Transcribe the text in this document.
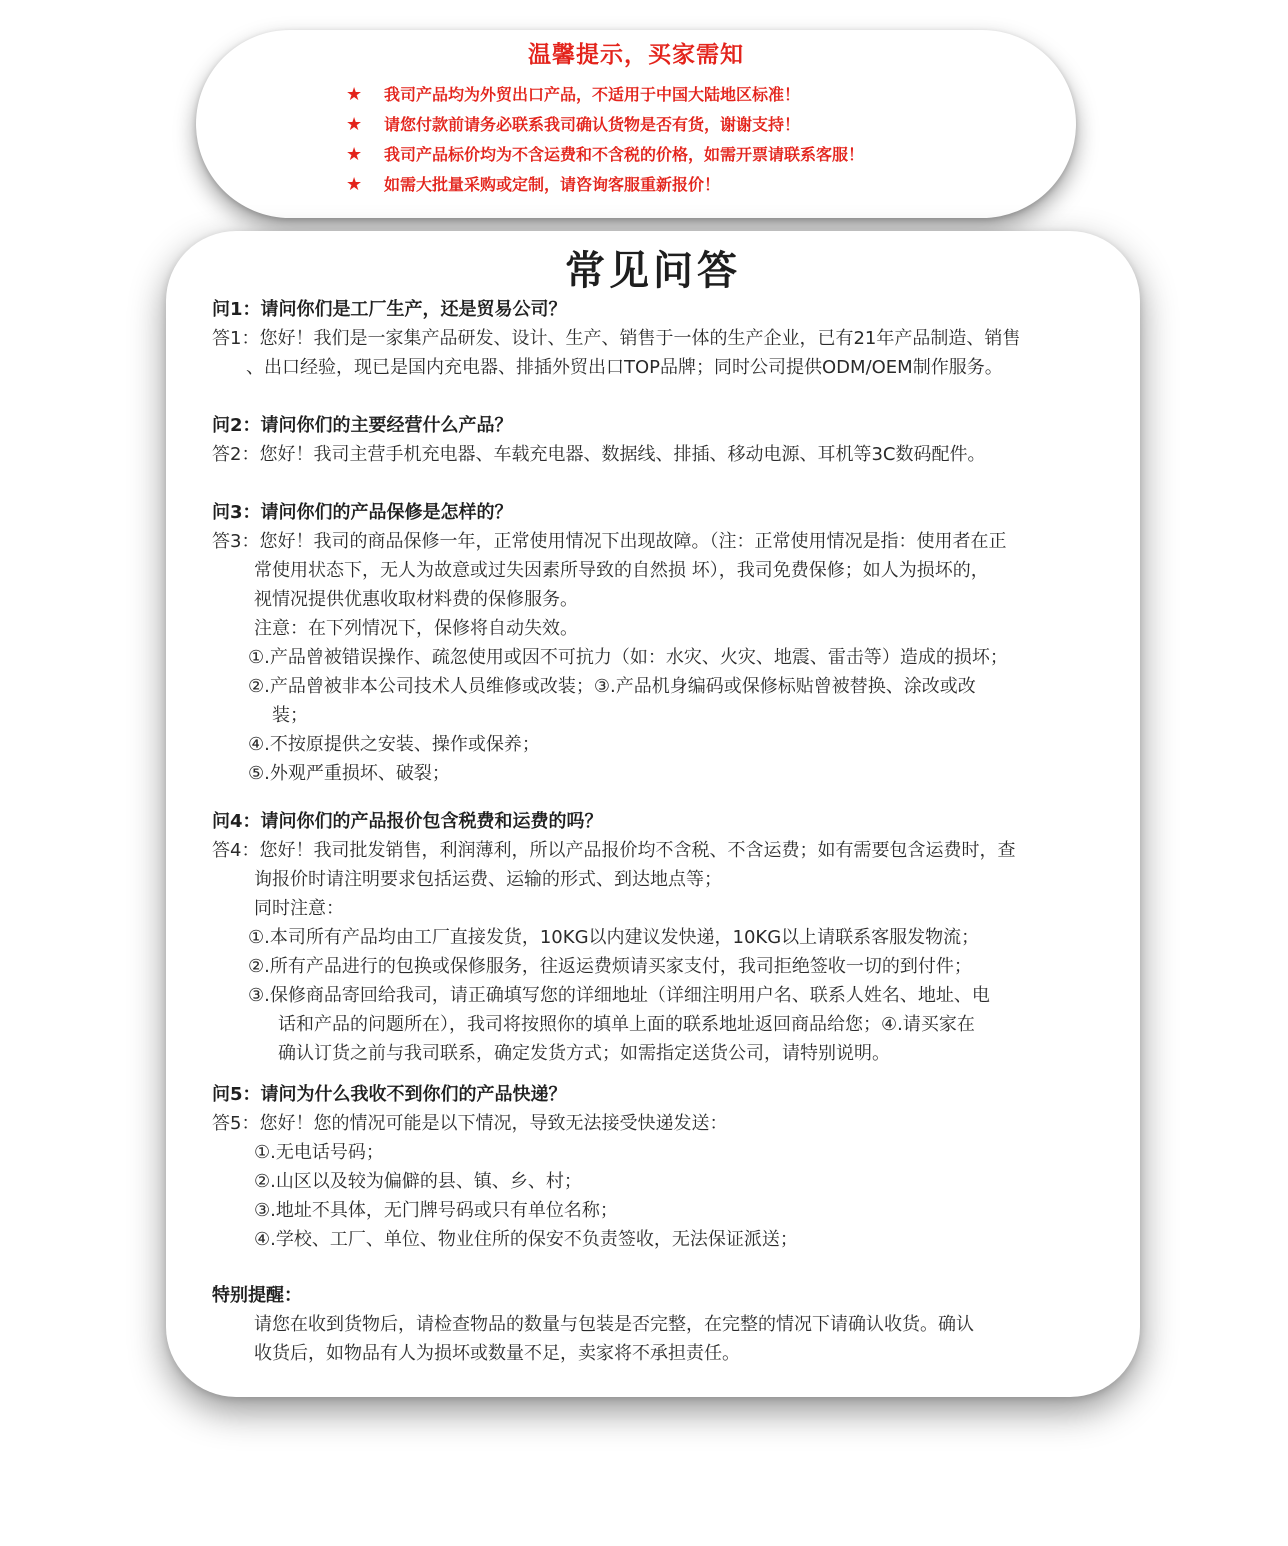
温馨提示，买家需知
★ 我司产品均为外贸出口产品，不适用于中国大陆地区标准！
★ 请您付款前请务必联系我司确认货物是否有货，谢谢支持！
★ 我司产品标价均为不含运费和不含税的价格，如需开票请联系客服！
★ 如需大批量采购或定制，请咨询客服重新报价！
常见问答
问1：请问你们是工厂生产，还是贸易公司？
答1：您好！我们是一家集产品研发、设计、生产、销售于一体的生产企业，已有21年产品制造、销售
、出口经验，现已是国内充电器、排插外贸出口TOP品牌；同时公司提供ODM/OEM制作服务。
问2：请问你们的主要经营什么产品？
答2：您好！我司主营手机充电器、车载充电器、数据线、排插、移动电源、耳机等3C数码配件。
问3：请问你们的产品保修是怎样的？
答3：您好！我司的商品保修一年，正常使用情况下出现故障。（注：正常使用情况是指：使用者在正
常使用状态下，无人为故意或过失因素所导致的自然损 坏），我司免费保修；如人为损坏的，
视情况提供优惠收取材料费的保修服务。
注意：在下列情况下，保修将自动失效。
①.产品曾被错误操作、疏忽使用或因不可抗力（如：水灾、火灾、地震、雷击等）造成的损坏；
②.产品曾被非本公司技术人员维修或改装；③.产品机身编码或保修标贴曾被替换、涂改或改
装；
④.不按原提供之安装、操作或保养；
⑤.外观严重损坏、破裂；
问4：请问你们的产品报价包含税费和运费的吗？
答4：您好！我司批发销售，利润薄利，所以产品报价均不含税、不含运费；如有需要包含运费时，查
询报价时请注明要求包括运费、运输的形式、到达地点等；
同时注意：
①.本司所有产品均由工厂直接发货，10KG以内建议发快递，10KG以上请联系客服发物流；
②.所有产品进行的包换或保修服务，往返运费烦请买家支付，我司拒绝签收一切的到付件；
③.保修商品寄回给我司，请正确填写您的详细地址（详细注明用户名、联系人姓名、地址、电
话和产品的问题所在），我司将按照你的填单上面的联系地址返回商品给您；④.请买家在
确认订货之前与我司联系，确定发货方式；如需指定送货公司，请特别说明。
问5：请问为什么我收不到你们的产品快递？
答5：您好！您的情况可能是以下情况，导致无法接受快递发送：
①.无电话号码；
②.山区以及较为偏僻的县、镇、乡、村；
③.地址不具体，无门牌号码或只有单位名称；
④.学校、工厂、单位、物业住所的保安不负责签收，无法保证派送；
特别提醒：
请您在收到货物后，请检查物品的数量与包装是否完整，在完整的情况下请确认收货。确认
收货后，如物品有人为损坏或数量不足，卖家将不承担责任。
